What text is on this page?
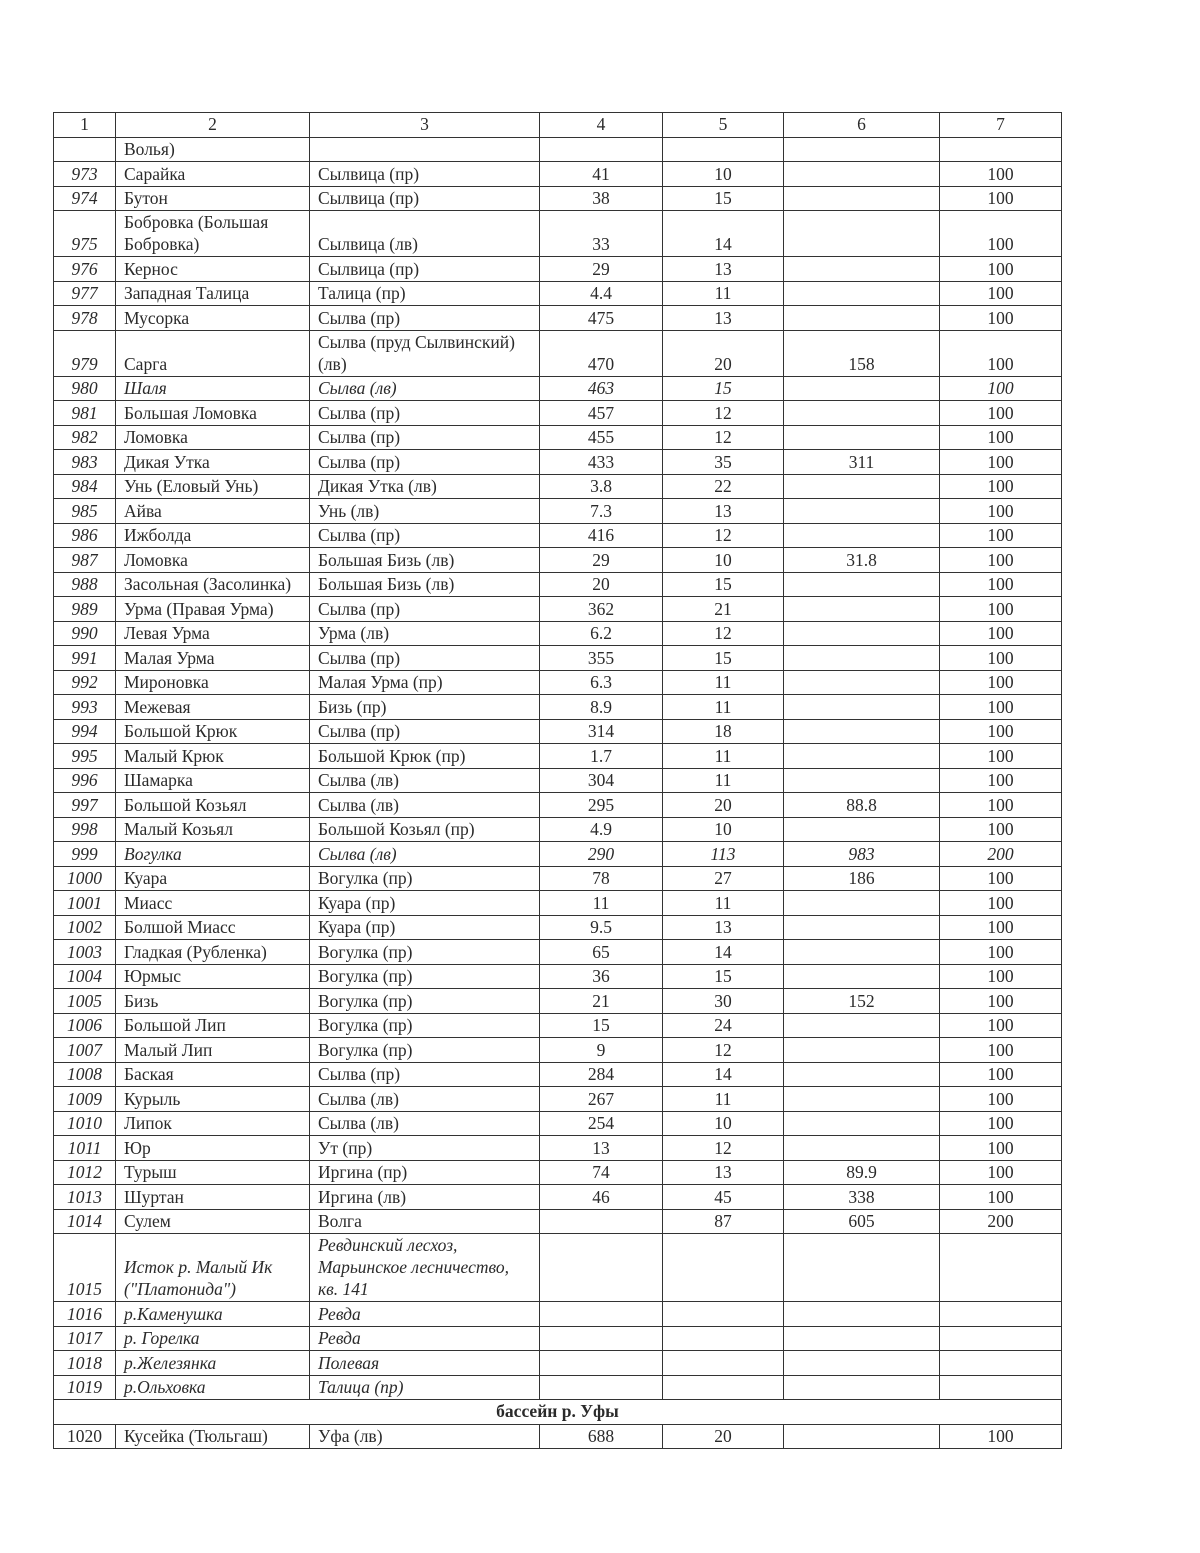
1	2	3	4	5	6	7
	Волья)					
973	Сарайка	Сылвица (пр)	41	10		100
974	Бутон	Сылвица (пр)	38	15		100
975	Бобровка (Большая Бобровка)	Сылвица (лв)	33	14		100
976	Кернос	Сылвица (пр)	29	13		100
977	Западная Талица	Талица (пр)	4.4	11		100
978	Мусорка	Сылва (пр)	475	13		100
979	Сарга	Сылва (пруд Сылвинский) (лв)	470	20	158	100
980	Шаля	Сылва (лв)	463	15		100
981	Большая Ломовка	Сылва (пр)	457	12		100
982	Ломовка	Сылва (пр)	455	12		100
983	Дикая Утка	Сылва (пр)	433	35	311	100
984	Унь (Еловый Унь)	Дикая Утка (лв)	3.8	22		100
985	Айва	Унь (лв)	7.3	13		100
986	Ижболда	Сылва (пр)	416	12		100
987	Ломовка	Большая Бизь (лв)	29	10	31.8	100
988	Засольная (Засолинка)	Большая Бизь (лв)	20	15		100
989	Урма (Правая Урма)	Сылва (пр)	362	21		100
990	Левая Урма	Урма (лв)	6.2	12		100
991	Малая Урма	Сылва (пр)	355	15		100
992	Мироновка	Малая Урма (пр)	6.3	11		100
993	Межевая	Бизь (пр)	8.9	11		100
994	Большой Крюк	Сылва (пр)	314	18		100
995	Малый Крюк	Большой Крюк (пр)	1.7	11		100
996	Шамарка	Сылва (лв)	304	11		100
997	Большой Козьял	Сылва (лв)	295	20	88.8	100
998	Малый Козьял	Большой Козьял (пр)	4.9	10		100
999	Вогулка	Сылва (лв)	290	113	983	200
1000	Куара	Вогулка (пр)	78	27	186	100
1001	Миасс	Куара (пр)	11	11		100
1002	Болшой Миасс	Куара (пр)	9.5	13		100
1003	Гладкая (Рубленка)	Вогулка (пр)	65	14		100
1004	Юрмыс	Вогулка (пр)	36	15		100
1005	Бизь	Вогулка (пр)	21	30	152	100
1006	Большой Лип	Вогулка (пр)	15	24		100
1007	Малый Лип	Вогулка (пр)	9	12		100
1008	Баская	Сылва (пр)	284	14		100
1009	Курыль	Сылва (лв)	267	11		100
1010	Липок	Сылва (лв)	254	10		100
1011	Юр	Ут (пр)	13	12		100
1012	Турыш	Иргина (пр)	74	13	89.9	100
1013	Шуртан	Иргина (лв)	46	45	338	100
1014	Сулем	Волга		87	605	200
1015	Исток р. Малый Ик ("Платонида")	Ревдинский лесхоз, Марьинское лесничество, кв. 141				
1016	р.Каменушка	Ревда				
1017	р. Горелка	Ревда				
1018	р.Железянка	Полевая				
1019	р.Ольховка	Талица (пр)				
бассейн р. Уфы						
1020	Кусейка (Тюльгаш)	Уфа (лв)	688	20		100
